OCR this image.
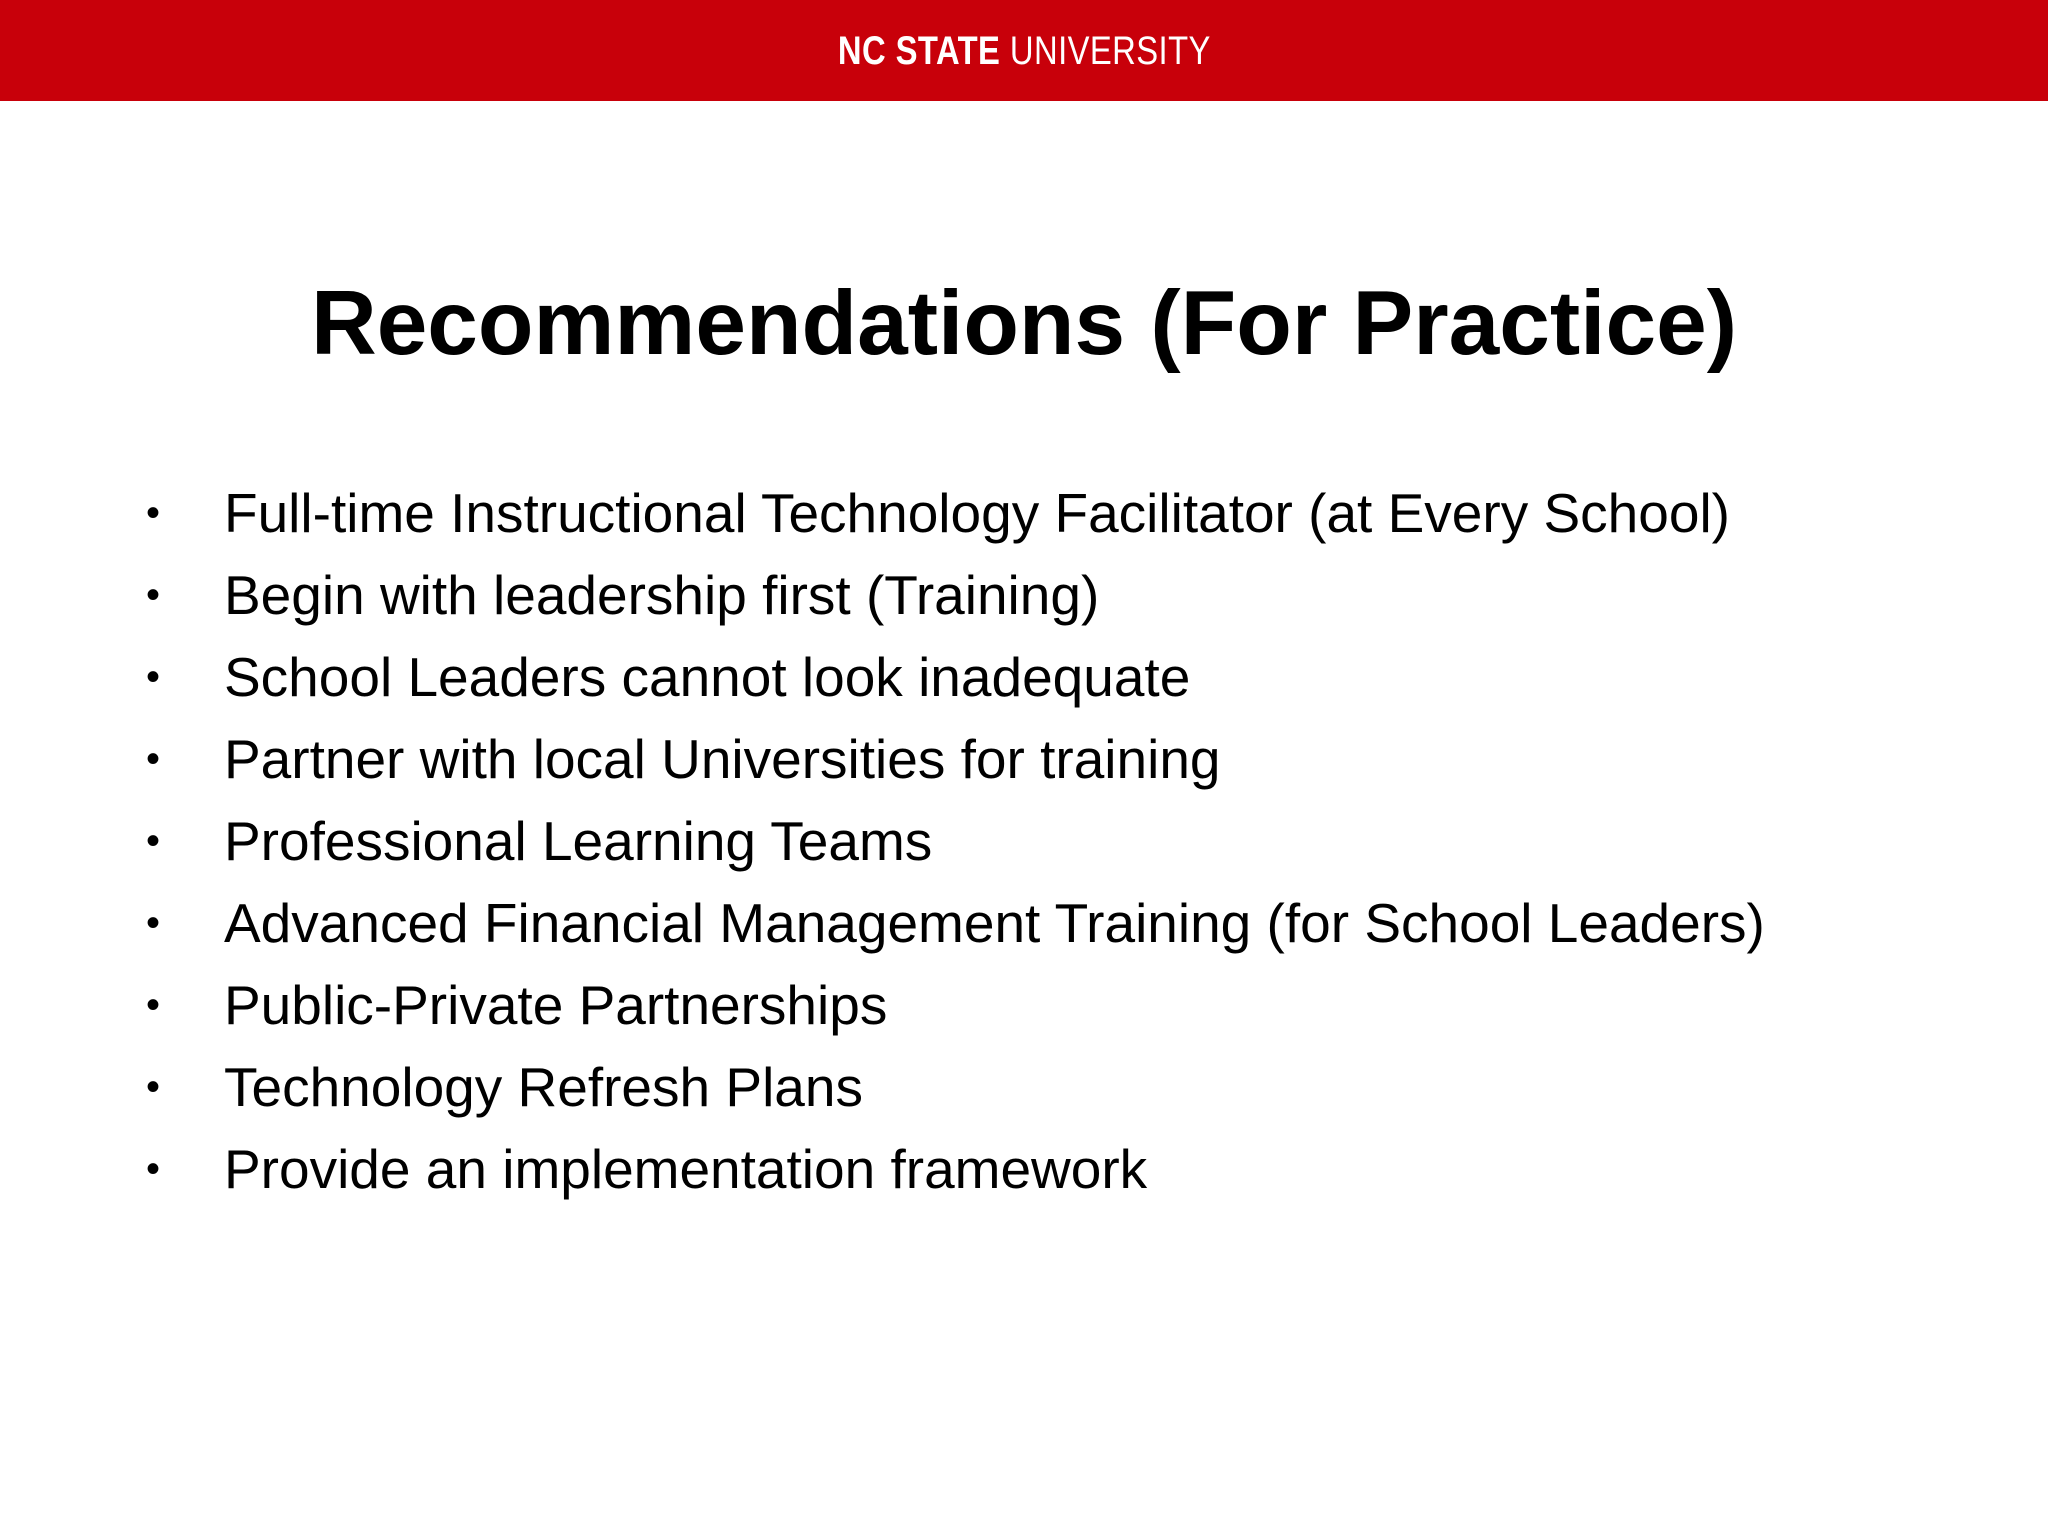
NC STATE UNIVERSITY
Recommendations (For Practice)
• Full-time Instructional Technology Facilitator (at Every School)
• Begin with leadership first (Training)
• School Leaders cannot look inadequate
• Partner with local Universities for training
• Professional Learning Teams
• Advanced Financial Management Training (for School Leaders)
• Public-Private Partnerships
• Technology Refresh Plans
• Provide an implementation framework
